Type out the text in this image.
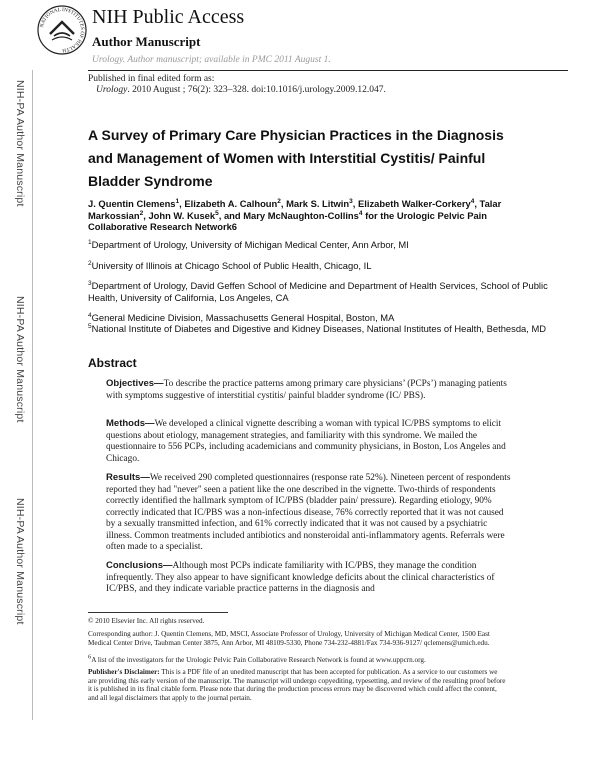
NIH-PA Author Manuscript
NIH-PA Author Manuscript
NIH-PA Author Manuscript
NATIONAL INSTITUTES OF HEALTH
NIH Public Access
Author Manuscript
Urology. Author manuscript; available in PMC 2011 August 1.
Published in final edited form as:
Urology. 2010 August ; 76(2): 323–328. doi:10.1016/j.urology.2009.12.047.
A Survey of Primary Care Physician Practices in the Diagnosis
and Management of Women with Interstitial Cystitis/ Painful
Bladder Syndrome
J. Quentin Clemens$^1$, Elizabeth A. Calhoun$^2$, Mark S. Litwin$^3$, Elizabeth Walker-Corkery$^4$, Talar Markossian$^2$, John W. Kusek$^5$, and Mary McNaughton-Collins$^4$ for the Urologic Pelvic Pain Collaborative Research Network6
$^1$Department of Urology, University of Michigan Medical Center, Ann Arbor, MI
$^2$University of Illinois at Chicago School of Public Health, Chicago, IL
$^3$Department of Urology, David Geffen School of Medicine and Department of Health Services, School of Public Health, University of California, Los Angeles, CA
$^4$General Medicine Division, Massachusetts General Hospital, Boston, MA
$^5$National Institute of Diabetes and Digestive and Kidney Diseases, National Institutes of Health, Bethesda, MD
Abstract
Objectives—To describe the practice patterns among primary care physicians’ (PCPs’) managing patients with symptoms suggestive of interstitial cystitis/ painful bladder syndrome (IC/ PBS).
Methods—We developed a clinical vignette describing a woman with typical IC/PBS symptoms to elicit questions about etiology, management strategies, and familiarity with this syndrome. We mailed the questionnaire to 556 PCPs, including academicians and community physicians, in Boston, Los Angeles and Chicago.
Results—We received 290 completed questionnaires (response rate 52%). Nineteen percent of respondents reported they had "never" seen a patient like the one described in the vignette. Two-thirds of respondents correctly identified the hallmark symptom of IC/PBS (bladder pain/ pressure). Regarding etiology, 90% correctly indicated that IC/PBS was a non-infectious disease, 76% correctly reported that it was not caused by a sexually transmitted infection, and 61% correctly indicated that it was not caused by a psychiatric illness. Common treatments included antibiotics and nonsteroidal anti-inflammatory agents. Referrals were often made to a specialist.
Conclusions—Although most PCPs indicate familiarity with IC/PBS, they manage the condition infrequently. They also appear to have significant knowledge deficits about the clinical characteristics of IC/PBS, and they indicate variable practice patterns in the diagnosis and
© 2010 Elsevier Inc. All rights reserved.
Corresponding author: J. Quentin Clemens, MD, MSCI, Associate Professor of Urology, University of Michigan Medical Center, 1500 East Medical Center Drive, Taubman Center 3875, Ann Arbor, MI 48109-5330, Phone 734-232-4881/Fax 734-936-9127/ qclemens@umich.edu.
$^6$A list of the investigators for the Urologic Pelvic Pain Collaborative Research Network is found at www.uppcrn.org.
Publisher's Disclaimer: This is a PDF file of an unedited manuscript that has been accepted for publication. As a service to our customers we are providing this early version of the manuscript. The manuscript will undergo copyediting, typesetting, and review of the resulting proof before it is published in its final citable form. Please note that during the production process errors may be discovered which could affect the content, and all legal disclaimers that apply to the journal pertain.
